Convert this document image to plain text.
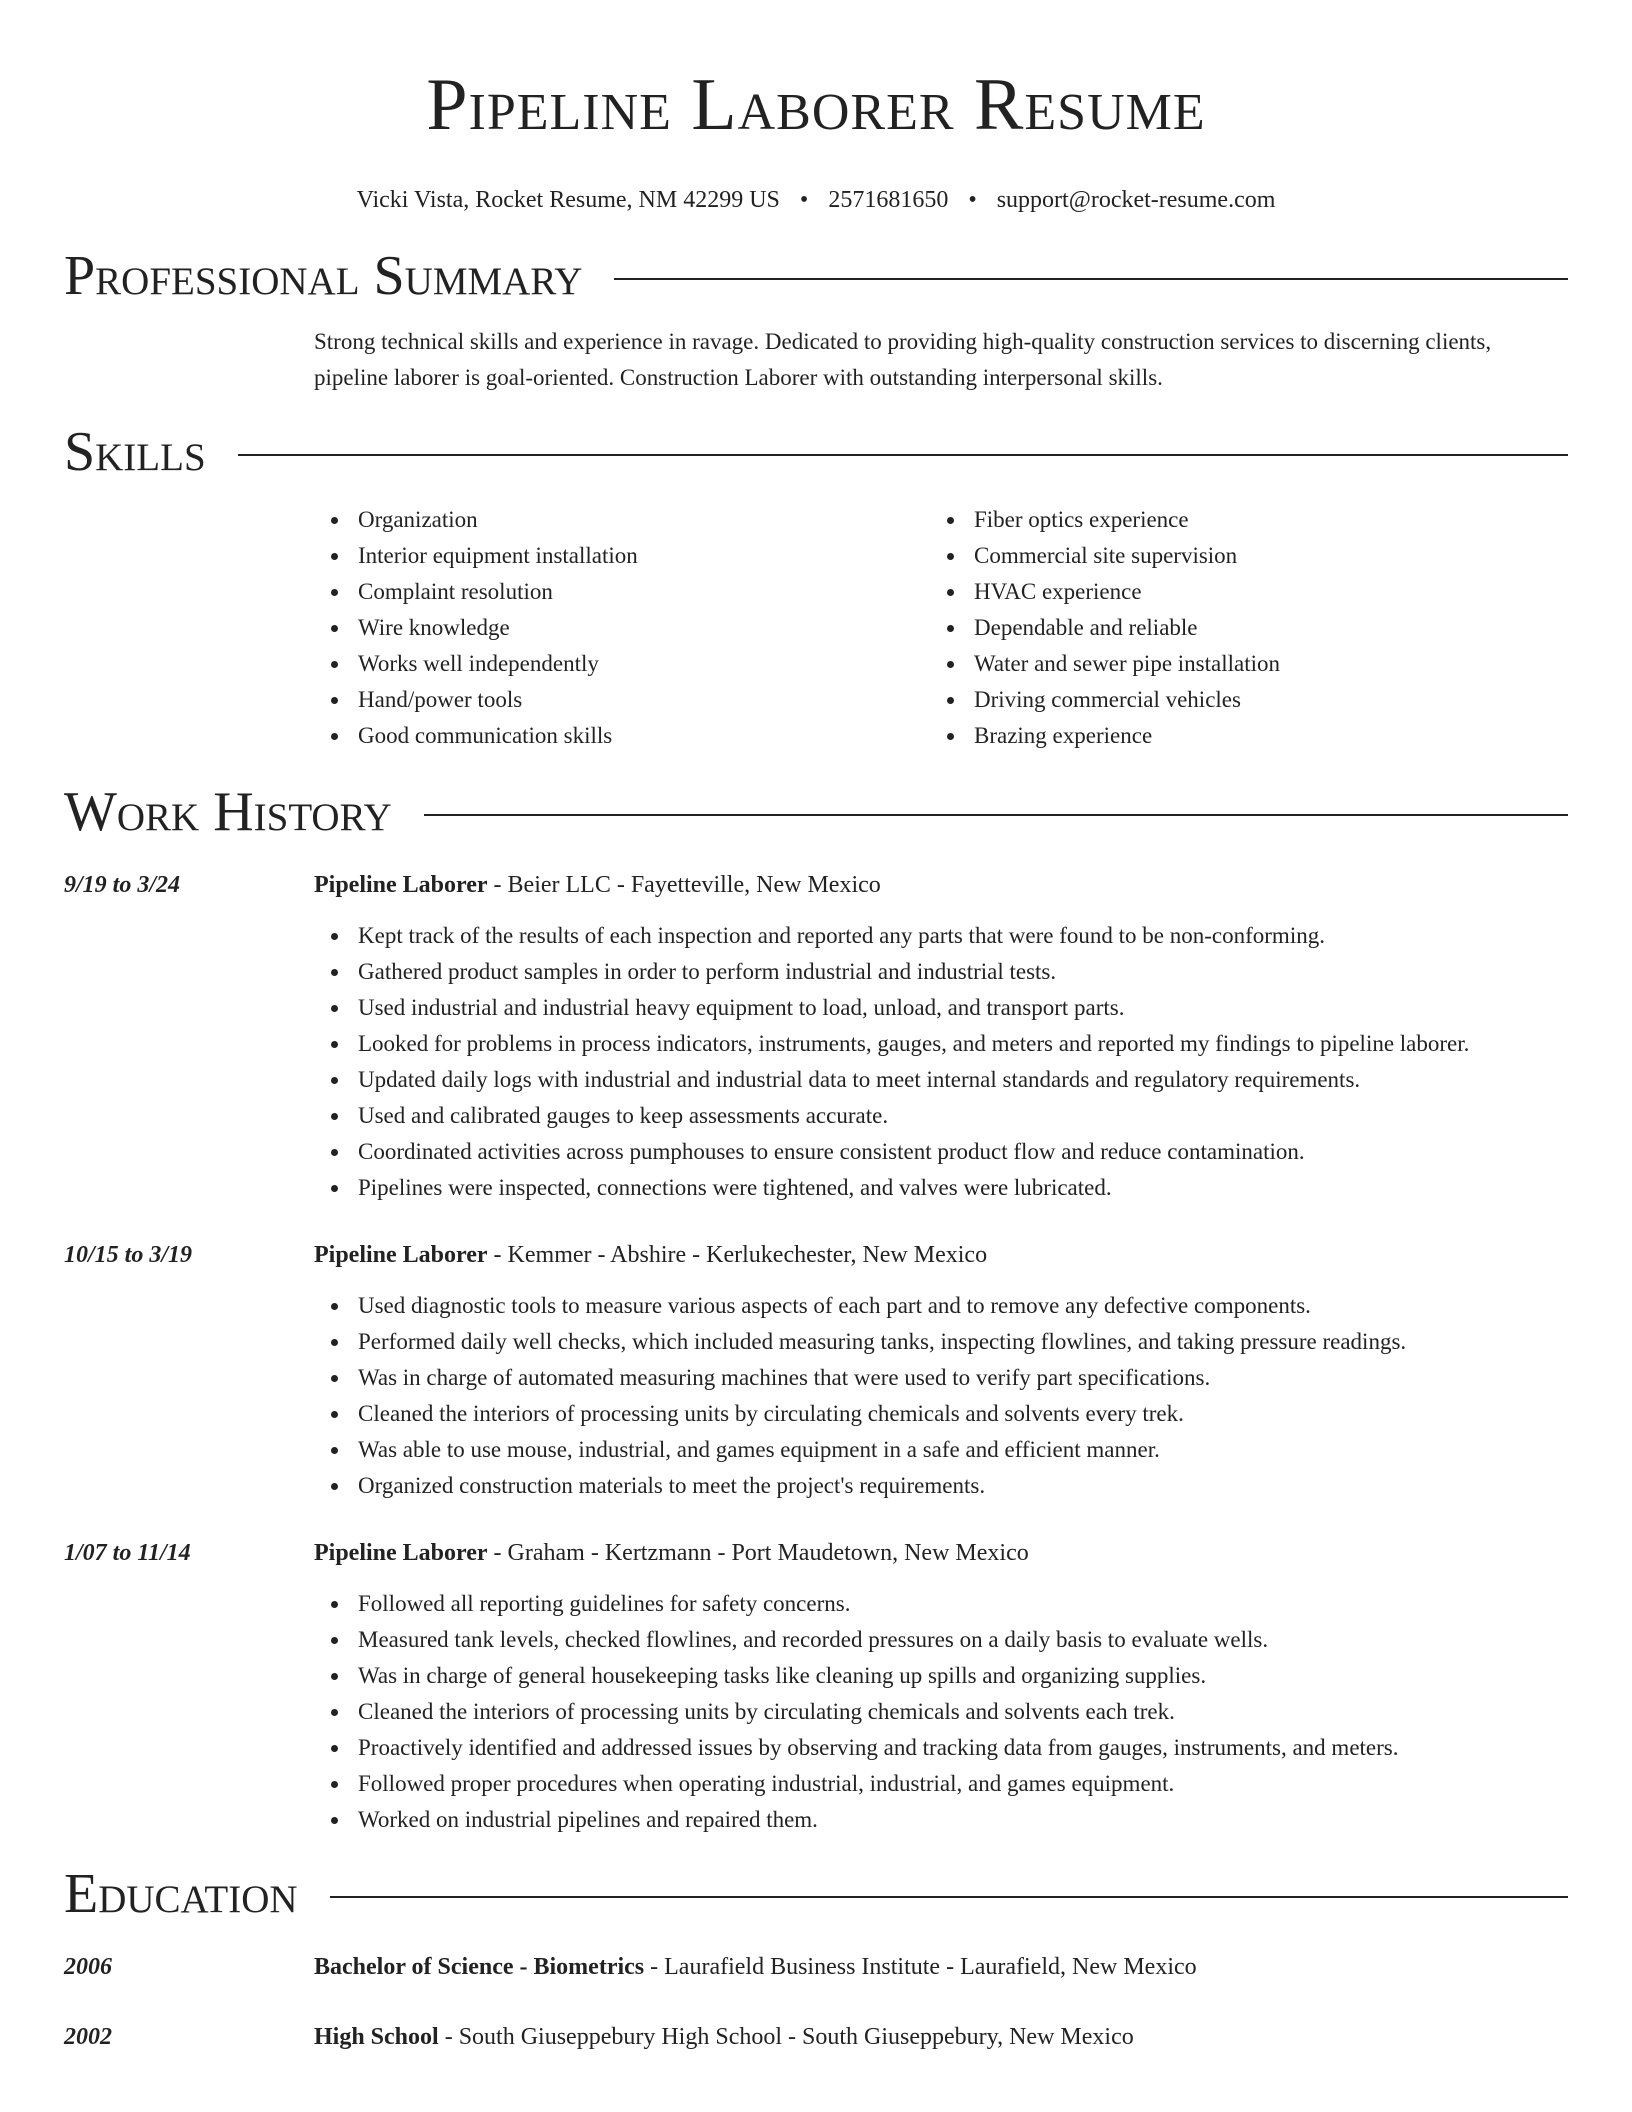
Pipeline Laborer Resume
Vicki Vista, Rocket Resume, NM 42299 US • 2571681650 • support@rocket-resume.com
Professional Summary
Strong technical skills and experience in ravage. Dedicated to providing high-quality construction services to discerning clients, pipeline laborer is goal-oriented. Construction Laborer with outstanding interpersonal skills.
Skills
Organization
Interior equipment installation
Complaint resolution
Wire knowledge
Works well independently
Hand/power tools
Good communication skills
Fiber optics experience
Commercial site supervision
HVAC experience
Dependable and reliable
Water and sewer pipe installation
Driving commercial vehicles
Brazing experience
Work History
9/19 to 3/24	Pipeline Laborer - Beier LLC - Fayetteville, New Mexico
Kept track of the results of each inspection and reported any parts that were found to be non-conforming.
Gathered product samples in order to perform industrial and industrial tests.
Used industrial and industrial heavy equipment to load, unload, and transport parts.
Looked for problems in process indicators, instruments, gauges, and meters and reported my findings to pipeline laborer.
Updated daily logs with industrial and industrial data to meet internal standards and regulatory requirements.
Used and calibrated gauges to keep assessments accurate.
Coordinated activities across pumphouses to ensure consistent product flow and reduce contamination.
Pipelines were inspected, connections were tightened, and valves were lubricated.
10/15 to 3/19	Pipeline Laborer - Kemmer - Abshire - Kerlukechester, New Mexico
Used diagnostic tools to measure various aspects of each part and to remove any defective components.
Performed daily well checks, which included measuring tanks, inspecting flowlines, and taking pressure readings.
Was in charge of automated measuring machines that were used to verify part specifications.
Cleaned the interiors of processing units by circulating chemicals and solvents every trek.
Was able to use mouse, industrial, and games equipment in a safe and efficient manner.
Organized construction materials to meet the project's requirements.
1/07 to 11/14	Pipeline Laborer - Graham - Kertzmann - Port Maudetown, New Mexico
Followed all reporting guidelines for safety concerns.
Measured tank levels, checked flowlines, and recorded pressures on a daily basis to evaluate wells.
Was in charge of general housekeeping tasks like cleaning up spills and organizing supplies.
Cleaned the interiors of processing units by circulating chemicals and solvents each trek.
Proactively identified and addressed issues by observing and tracking data from gauges, instruments, and meters.
Followed proper procedures when operating industrial, industrial, and games equipment.
Worked on industrial pipelines and repaired them.
Education
2006	Bachelor of Science - Biometrics - Laurafield Business Institute - Laurafield, New Mexico
2002	High School - South Giuseppebury High School - South Giuseppebury, New Mexico
